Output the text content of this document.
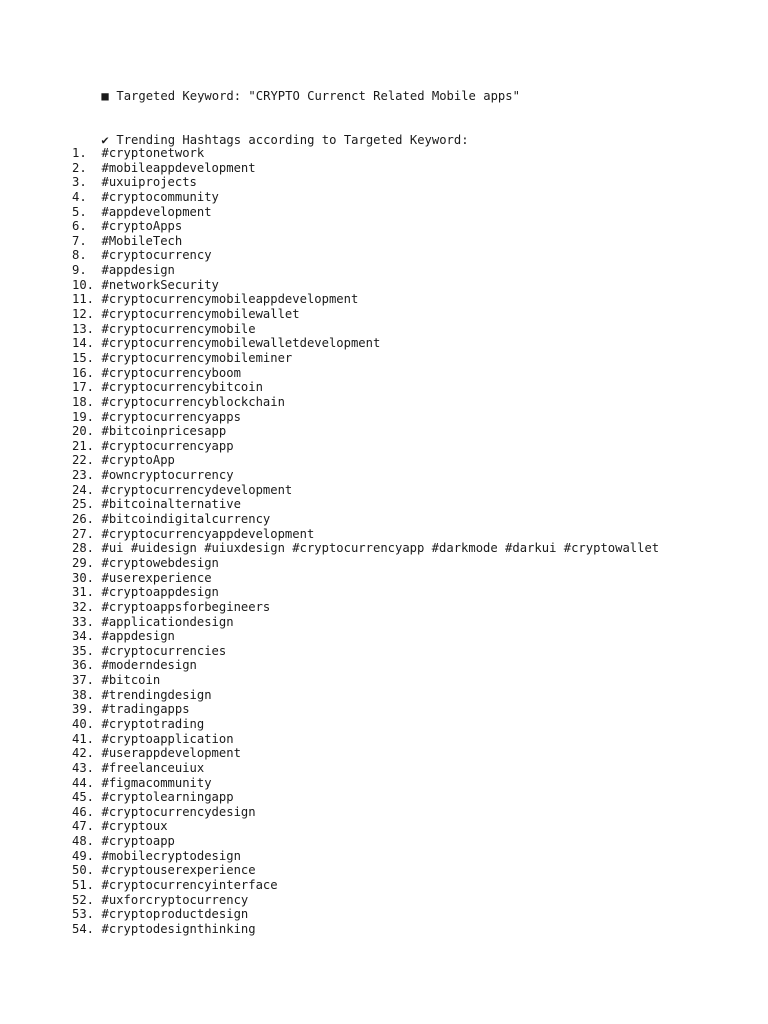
■ Targeted Keyword: "CRYPTO Currenct Related Mobile apps"

✔ Trending Hashtags according to Targeted Keyword:

1. #cryptonetwork
2. #mobileappdevelopment
3. #uxuiprojects
4. #cryptocommunity
5. #appdevelopment
6. #cryptoApps
7. #MobileTech
8. #cryptocurrency
9. #appdesign
10. #networkSecurity
11. #cryptocurrencymobileappdevelopment
12. #cryptocurrencymobilewallet
13. #cryptocurrencymobile
14. #cryptocurrencymobilewalletdevelopment
15. #cryptocurrencymobileminer
16. #cryptocurrencyboom
17. #cryptocurrencybitcoin
18. #cryptocurrencyblockchain
19. #cryptocurrencyapps
20. #bitcoinpricesapp
21. #cryptocurrencyapp
22. #cryptoApp
23. #owncryptocurrency
24. #cryptocurrencydevelopment
25. #bitcoinalternative
26. #bitcoindigitalcurrency
27. #cryptocurrencyappdevelopment
28. #ui #uidesign #uiuxdesign #cryptocurrencyapp #darkmode #darkui #cryptowallet
29. #cryptowebdesign
30. #userexperience
31. #cryptoappdesign
32. #cryptoappsforbegineers
33. #applicationdesign
34. #appdesign
35. #cryptocurrencies
36. #moderndesign
37. #bitcoin
38. #trendingdesign
39. #tradingapps
40. #cryptotrading
41. #cryptoapplication
42. #userappdevelopment
43. #freelanceuiux
44. #figmacommunity
45. #cryptolearningapp
46. #cryptocurrencydesign
47. #cryptoux
48. #cryptoapp
49. #mobilecryptodesign
50. #cryptouserexperience
51. #cryptocurrencyinterface
52. #uxforcryptocurrency
53. #cryptoproductdesign
54. #cryptodesignthinking
